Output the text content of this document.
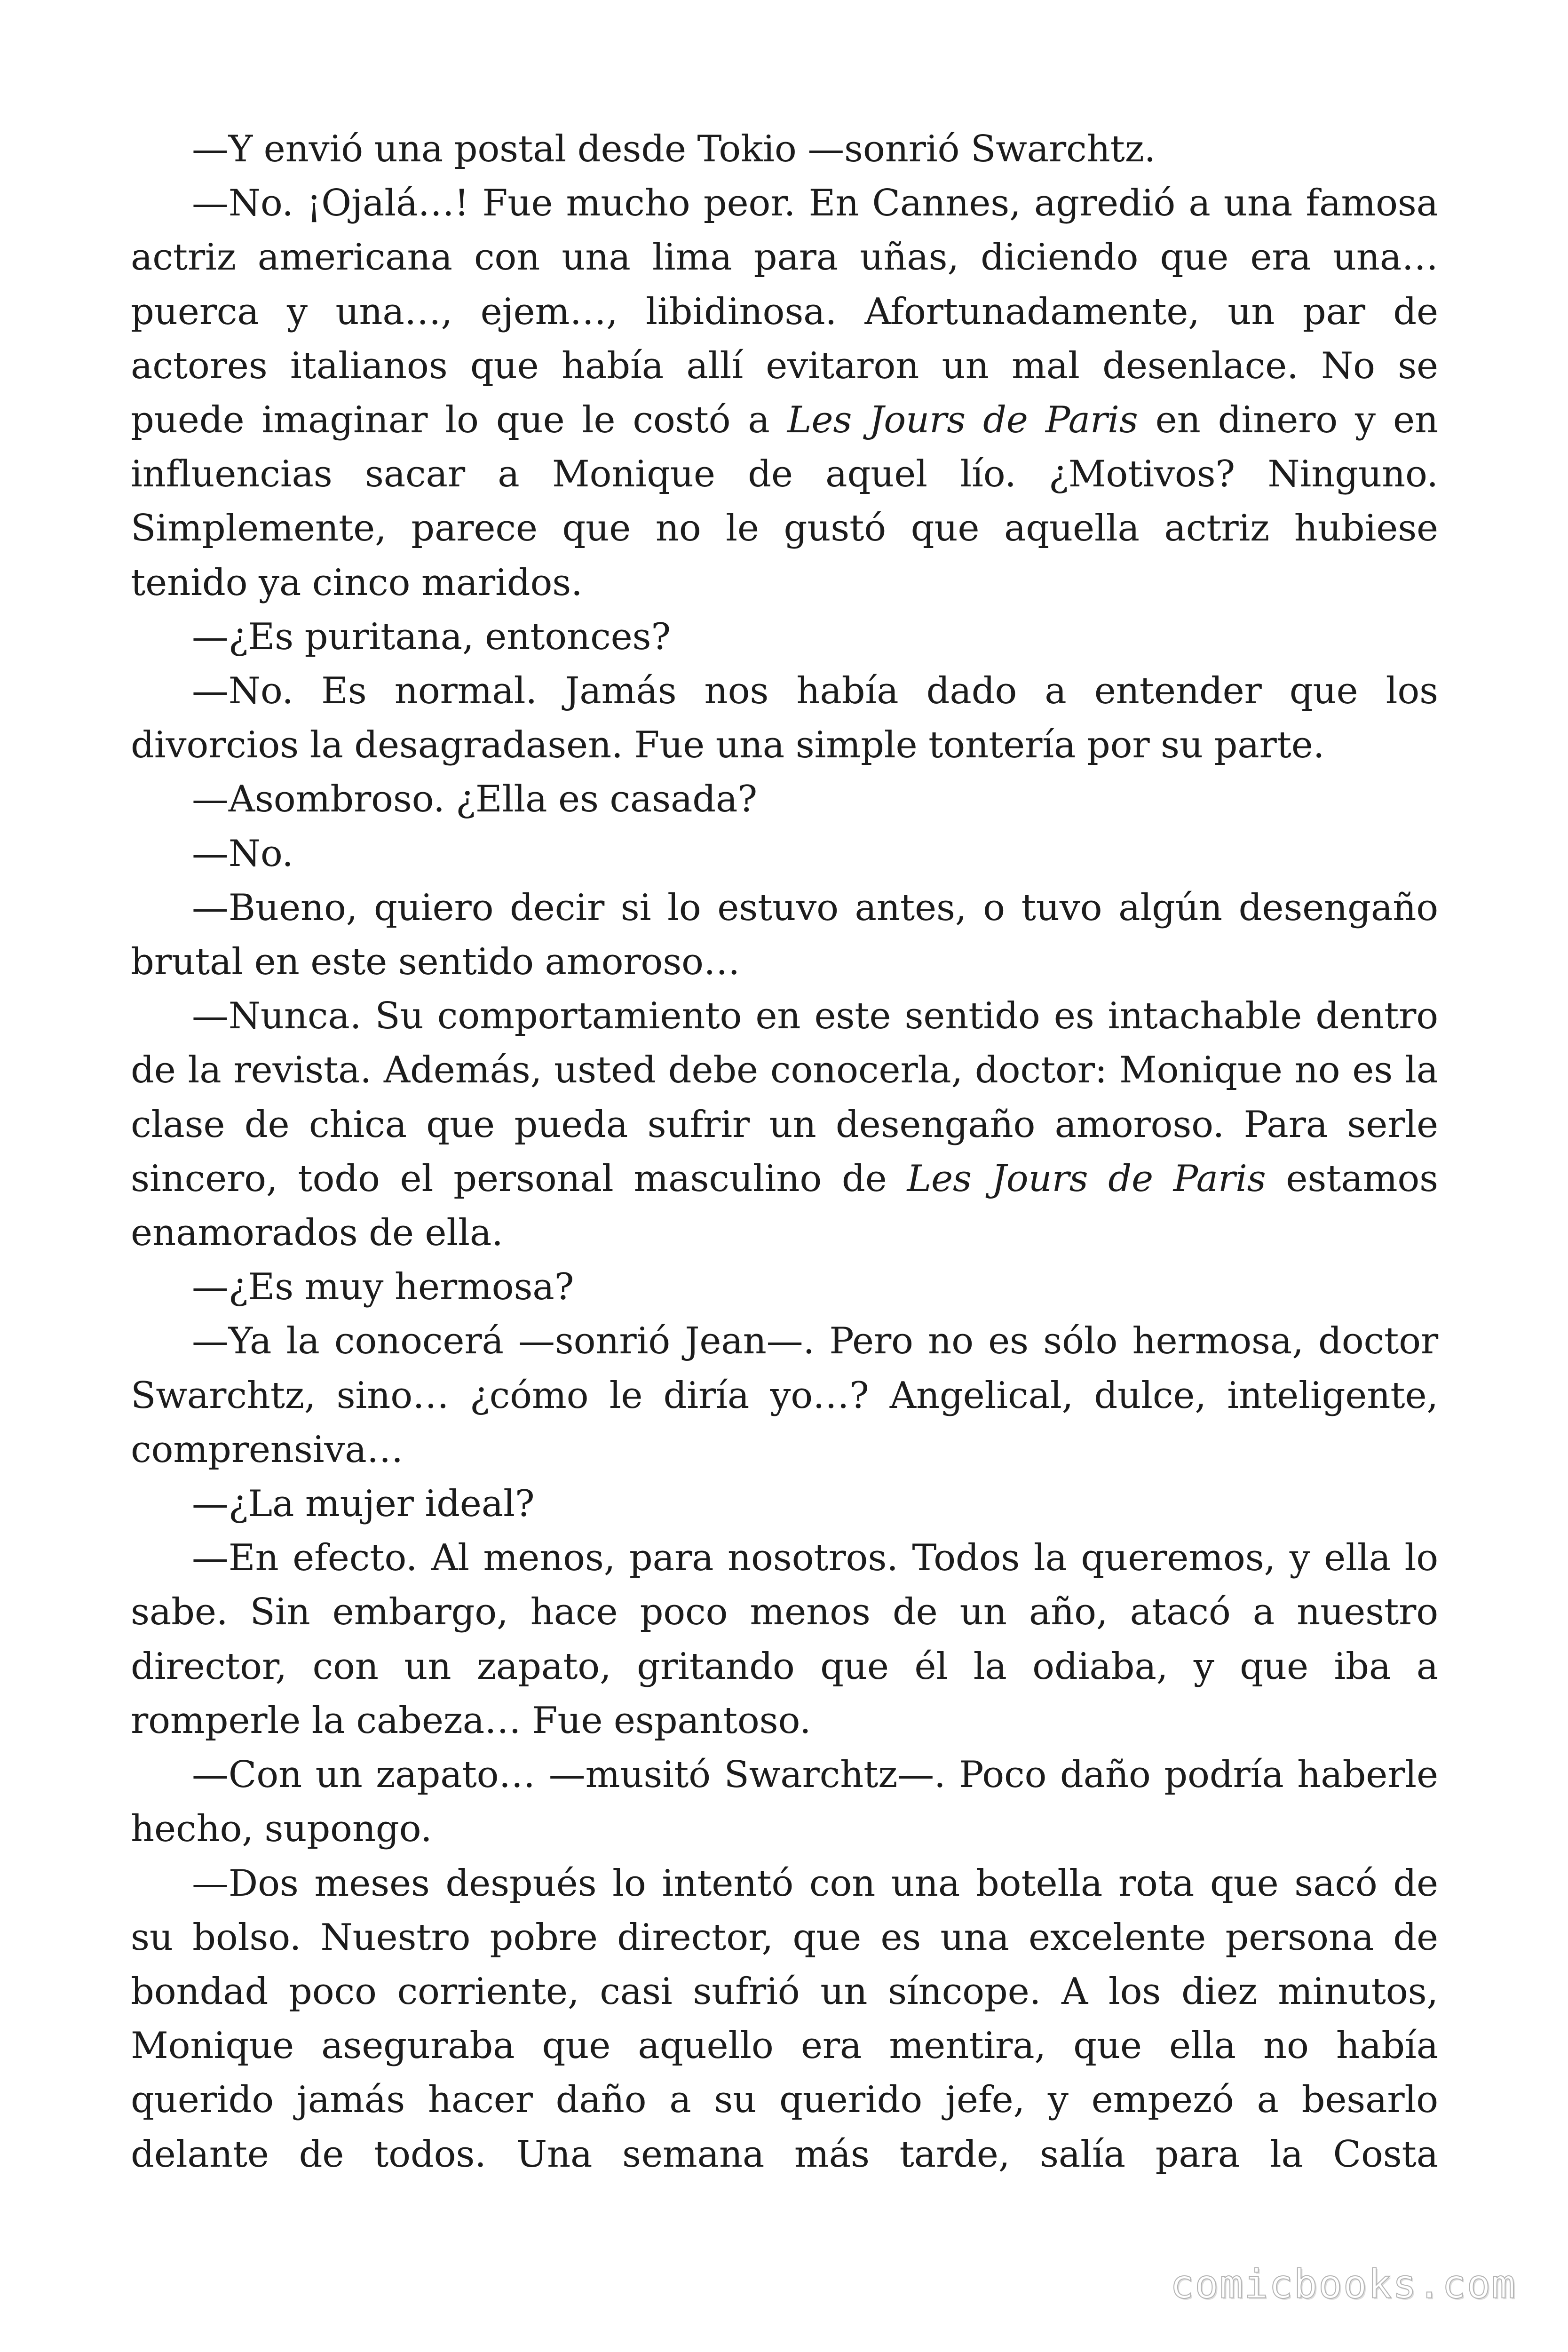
—Y envió una postal desde Tokio —sonrió Swarchtz.

—No. ¡Ojalá…! Fue mucho peor. En Cannes, agredió a una famosa actriz americana con una lima para uñas, diciendo que era una… puerca y una…, ejem…, libidinosa. Afortunadamente, un par de actores italianos que había allí evitaron un mal desenlace. No se puede imaginar lo que le costó a Les Jours de Paris en dinero y en influencias sacar a Monique de aquel lío. ¿Motivos? Ninguno. Simplemente, parece que no le gustó que aquella actriz hubiese tenido ya cinco maridos.

—¿Es puritana, entonces?

—No. Es normal. Jamás nos había dado a entender que los divorcios la desagradasen. Fue una simple tontería por su parte.

—Asombroso. ¿Ella es casada?

—No.

—Bueno, quiero decir si lo estuvo antes, o tuvo algún desengaño brutal en este sentido amoroso…

—Nunca. Su comportamiento en este sentido es intachable dentro de la revista. Además, usted debe conocerla, doctor: Monique no es la clase de chica que pueda sufrir un desengaño amoroso. Para serle sincero, todo el personal masculino de Les Jours de Paris estamos enamorados de ella.

—¿Es muy hermosa?

—Ya la conocerá —sonrió Jean—. Pero no es sólo hermosa, doctor Swarchtz, sino… ¿cómo le diría yo…? Angelical, dulce, inteligente, comprensiva…

—¿La mujer ideal?

—En efecto. Al menos, para nosotros. Todos la queremos, y ella lo sabe. Sin embargo, hace poco menos de un año, atacó a nuestro director, con un zapato, gritando que él la odiaba, y que iba a romperle la cabeza… Fue espantoso.

—Con un zapato… —musitó Swarchtz—. Poco daño podría haberle hecho, supongo.

—Dos meses después lo intentó con una botella rota que sacó de su bolso. Nuestro pobre director, que es una excelente persona de bondad poco corriente, casi sufrió un síncope. A los diez minutos, Monique aseguraba que aquello era mentira, que ella no había querido jamás hacer daño a su querido jefe, y empezó a besarlo delante de todos. Una semana más tarde, salía para la Costa

comicbooks.com
